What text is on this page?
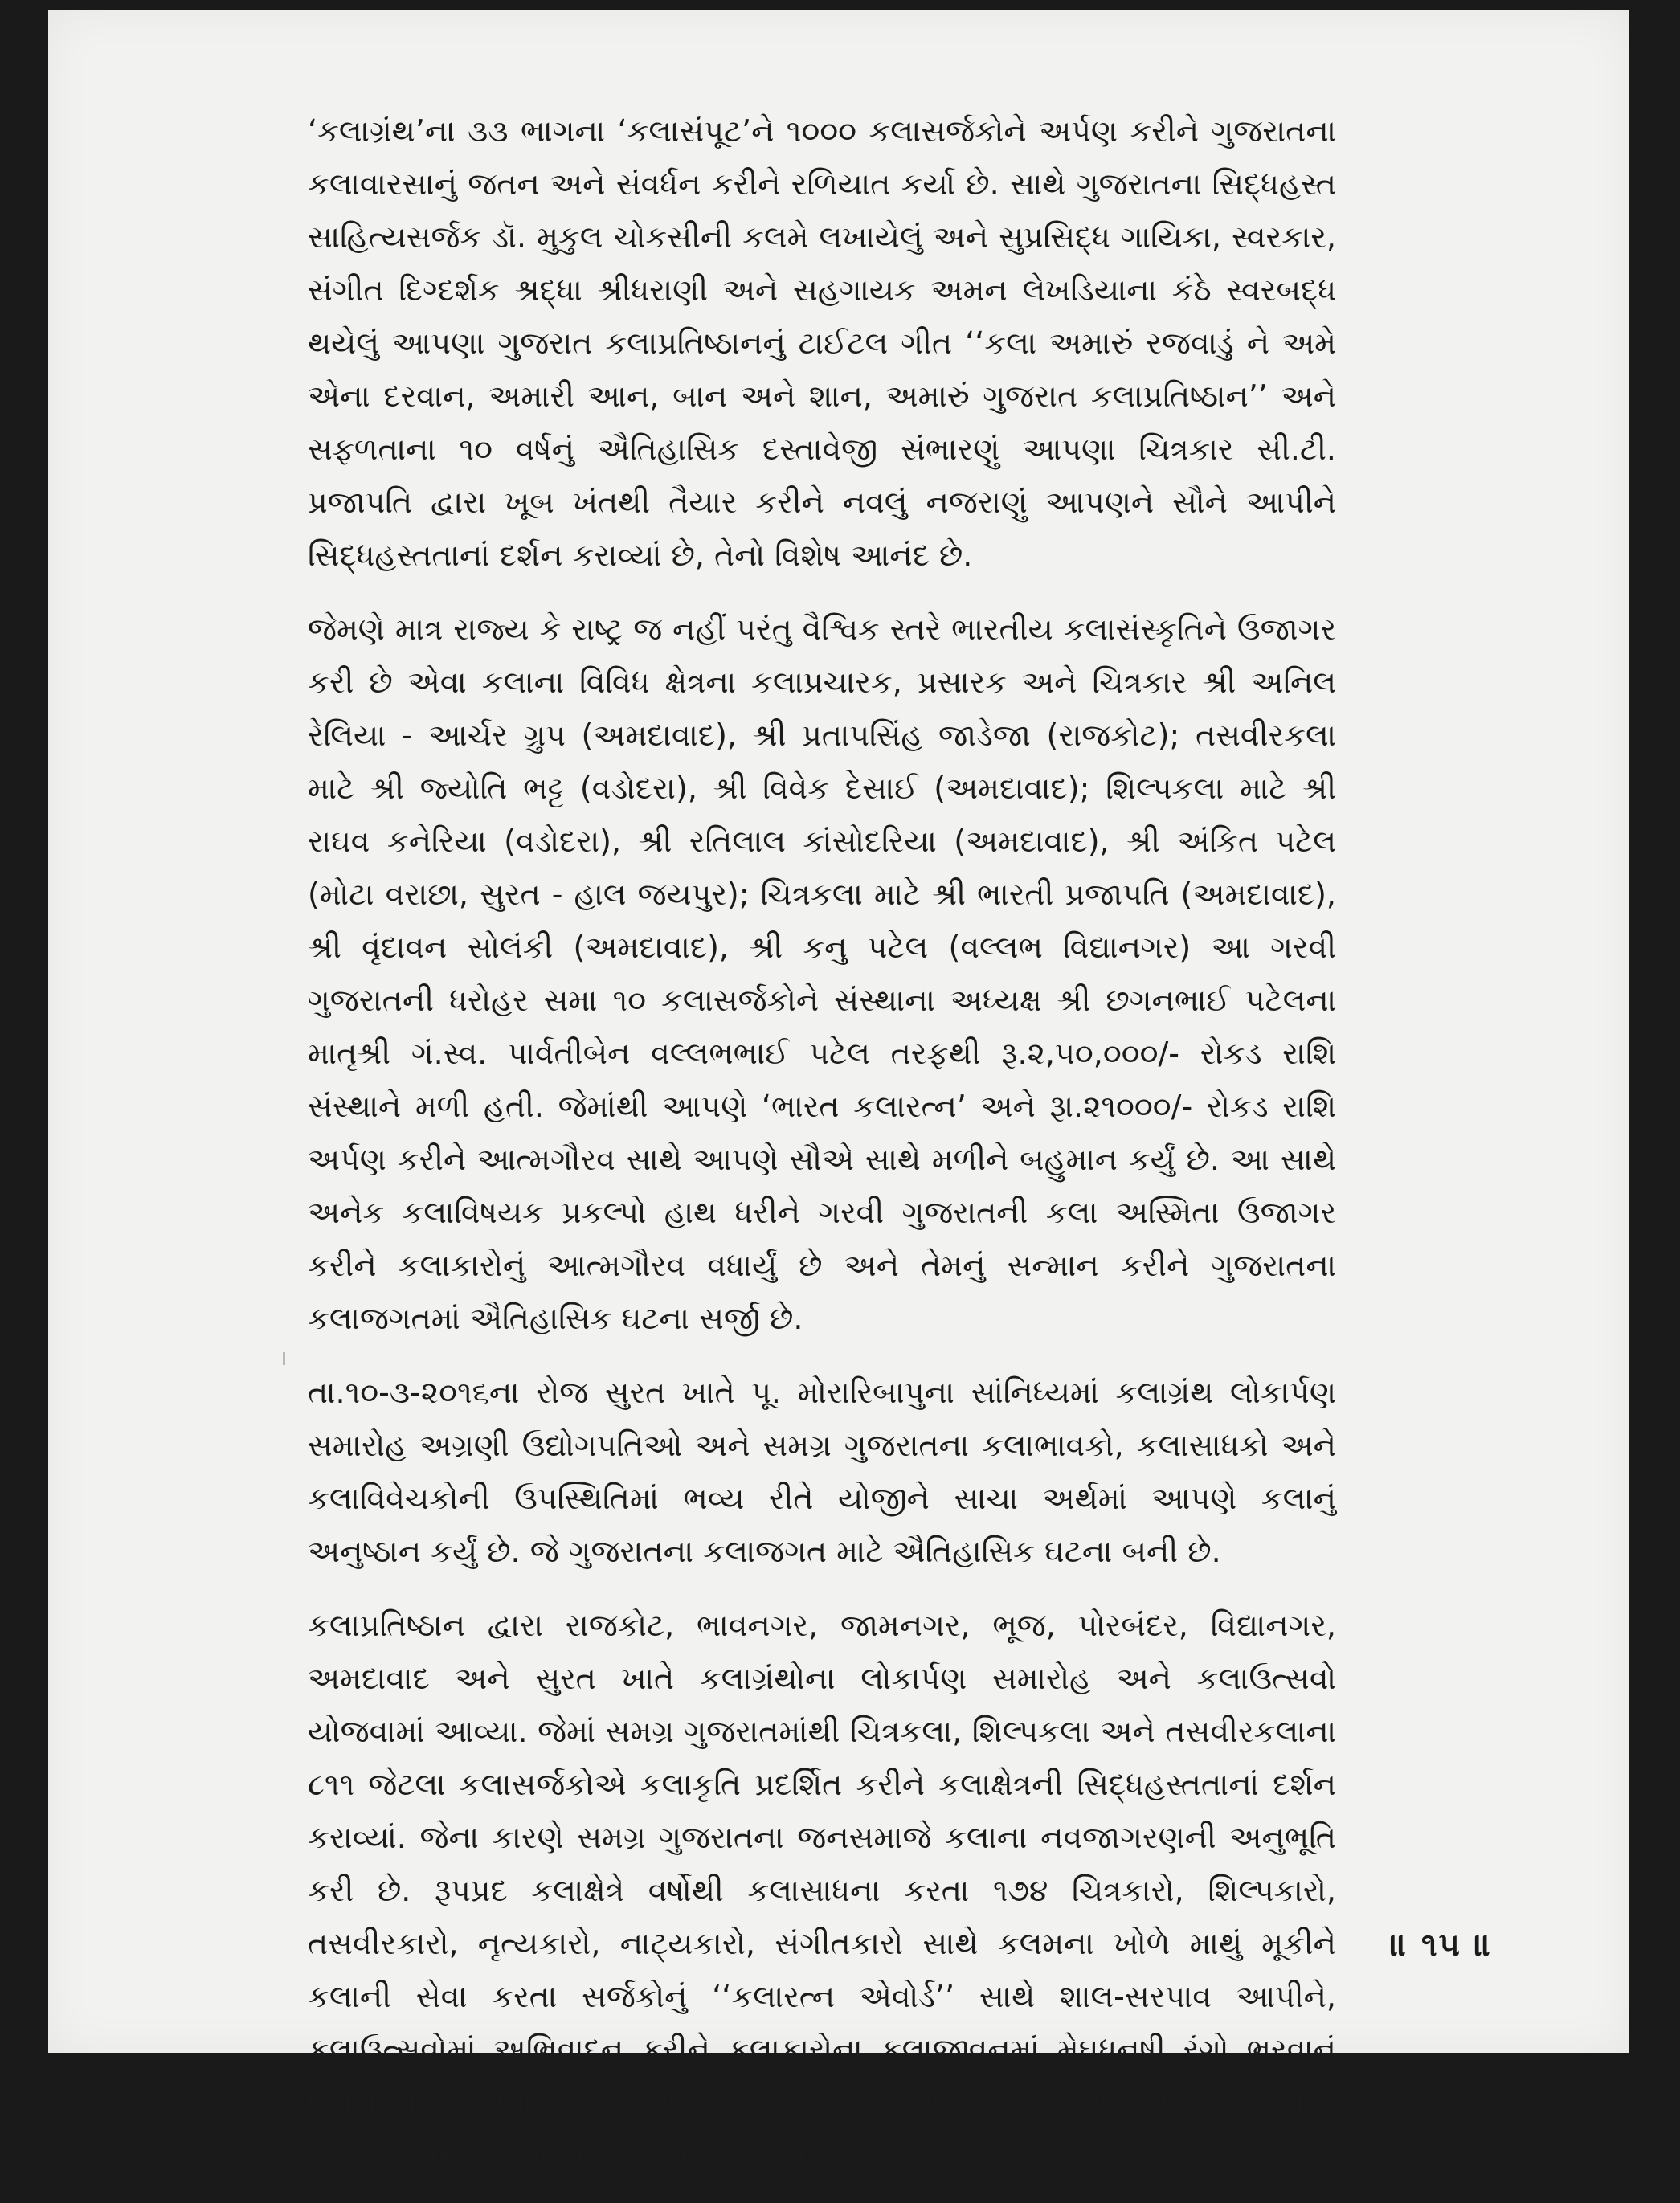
‘કલાગ્રંથ’ના ૩૩ ભાગના ‘કલાસંપૂટ’ને ૧૦૦૦ કલાસર્જકોને અર્પણ કરીને ગુજરાતના કલાવારસાનું જતન અને સંવર્ધન કરીને રળિયાત કર્યા છે. સાથે ગુજરાતના સિદ્ધહસ્ત સાહિત્યસર્જક ડૉ. મુકુલ ચોકસીની કલમે લખાયેલું અને સુપ્રસિદ્ધ ગાયિકા, સ્વરકાર, સંગીત દિગ્દર્શક શ્રદ્ધા શ્રીધરાણી અને સહગાયક અમન લેખડિયાના કંઠે સ્વરબદ્ધ થયેલું આપણા ગુજરાત કલાપ્રતિષ્ઠાનનું ટાઈટલ ગીત ‘‘કલા અમારું રજવાડું ને અમે એના દરવાન, અમારી આન, બાન અને શાન, અમારું ગુજરાત કલાપ્રતિષ્ઠાન’’ અને સફળતાના ૧૦ વર્ષનું ઐતિહાસિક દસ્તાવેજી સંભારણું આપણા ચિત્રકાર સી.ટી. પ્રજાપતિ દ્વારા ખૂબ ખંતથી તૈયાર કરીને નવલું નજરાણું આપણને સૌને આપીને સિદ્ધહસ્તતાનાં દર્શન કરાવ્યાં છે, તેનો વિશેષ આનંદ છે.

જેમણે માત્ર રાજ્ય કે રાષ્ટ્ર જ નહીં પરંતુ વૈશ્વિક સ્તરે ભારતીય કલાસંસ્કૃતિને ઉજાગર કરી છે એવા કલાના વિવિધ ક્ષેત્રના કલાપ્રચારક, પ્રસારક અને ચિત્રકાર શ્રી અનિલ રેલિયા - આર્ચર ગ્રુપ (અમદાવાદ), શ્રી પ્રતાપસિંહ જાડેજા (રાજકોટ); તસવીરકલા માટે શ્રી જ્યોતિ ભટ્ટ (વડોદરા), શ્રી વિવેક દેસાઈ (અમદાવાદ); શિલ્પકલા માટે શ્રી રાઘવ કનેરિયા (વડોદરા), શ્રી રતિલાલ કાંસોદરિયા (અમદાવાદ), શ્રી અંકિત પટેલ (મોટા વરાછા, સુરત - હાલ જયપુર); ચિત્રકલા માટે શ્રી ભારતી પ્રજાપતિ (અમદાવાદ), શ્રી વૃંદાવન સોલંકી (અમદાવાદ), શ્રી કનુ પટેલ (વલ્લભ વિદ્યાનગર) આ ગરવી ગુજરાતની ધરોહર સમા ૧૦ કલાસર્જકોને સંસ્થાના અધ્યક્ષ શ્રી છગનભાઈ પટેલના માતૃશ્રી ગં.સ્વ. પાર્વતીબેન વલ્લભભાઈ પટેલ તરફથી રૂ.૨,૫૦,૦૦૦/- રોકડ રાશિ સંસ્થાને મળી હતી. જેમાંથી આપણે ‘ભારત કલારત્ન’ અને રૂા.૨૧૦૦૦/- રોકડ રાશિ અર્પણ કરીને આત્મગૌરવ સાથે આપણે સૌએ સાથે મળીને બહુમાન કર્યું છે. આ સાથે અનેક કલાવિષયક પ્રકલ્પો હાથ ધરીને ગરવી ગુજરાતની કલા અસ્મિતા ઉજાગર કરીને કલાકારોનું આત્મગૌરવ વધાર્યું છે અને તેમનું સન્માન કરીને ગુજરાતના કલાજગતમાં ઐતિહાસિક ઘટના સર્જી છે.

તા.૧૦-૩-૨૦૧૬ના રોજ સુરત ખાતે પૂ. મોરારિબાપુના સાંનિધ્યમાં કલાગ્રંથ લોકાર્પણ સમારોહ અગ્રણી ઉદ્યોગપતિઓ અને સમગ્ર ગુજરાતના કલાભાવકો, કલાસાધકો અને કલાવિવેચકોની ઉપસ્થિતિમાં ભવ્ય રીતે યોજીને સાચા અર્થમાં આપણે કલાનું અનુષ્ઠાન કર્યું છે. જે ગુજરાતના કલાજગત માટે ઐતિહાસિક ઘટના બની છે.

કલાપ્રતિષ્ઠાન દ્વારા રાજકોટ, ભાવનગર, જામનગર, ભૂજ, પોરબંદર, વિદ્યાનગર, અમદાવાદ અને સુરત ખાતે કલાગ્રંથોના લોકાર્પણ સમારોહ અને કલાઉત્સવો યોજવામાં આવ્યા. જેમાં સમગ્ર ગુજરાતમાંથી ચિત્રકલા, શિલ્પકલા અને તસવીરકલાના ૮૧૧ જેટલા કલાસર્જકોએ કલાકૃતિ પ્રદર્શિત કરીને કલાક્ષેત્રની સિદ્ધહસ્તતાનાં દર્શન કરાવ્યાં. જેના કારણે સમગ્ર ગુજરાતના જનસમાજે કલાના નવજાગરણની અનુભૂતિ કરી છે. રૂપપ્રદ કલાક્ષેત્રે વર્ષોથી કલાસાધના કરતા ૧૭૪ ચિત્રકારો, શિલ્પકારો, તસવીરકારો, નૃત્યકારો, નાટ્યકારો, સંગીતકારો સાથે કલમના ખોળે માથું મૂકીને કલાની સેવા કરતા સર્જકોનું ‘‘કલારત્ન એવોર્ડ’’ સાથે શાલ-સરપાવ આપીને, કલાઉત્સવોમાં અભિવાદન કરીને કલાકારોના કલાજીવનમાં મેઘધનુષી રંગો ભરવાનું ઉમદા કાર્ય કલાપ્રતિષ્ઠાન દ્વારા થયું છે. જે સમગ્ર ગુર્જરધરા પર આ પ્રથમ ઘટના બની છે. કલાજ્ઞાનથી સમૃદ્ધ કરવાના શુભ ભાવ

॥ ૧૫ ॥
